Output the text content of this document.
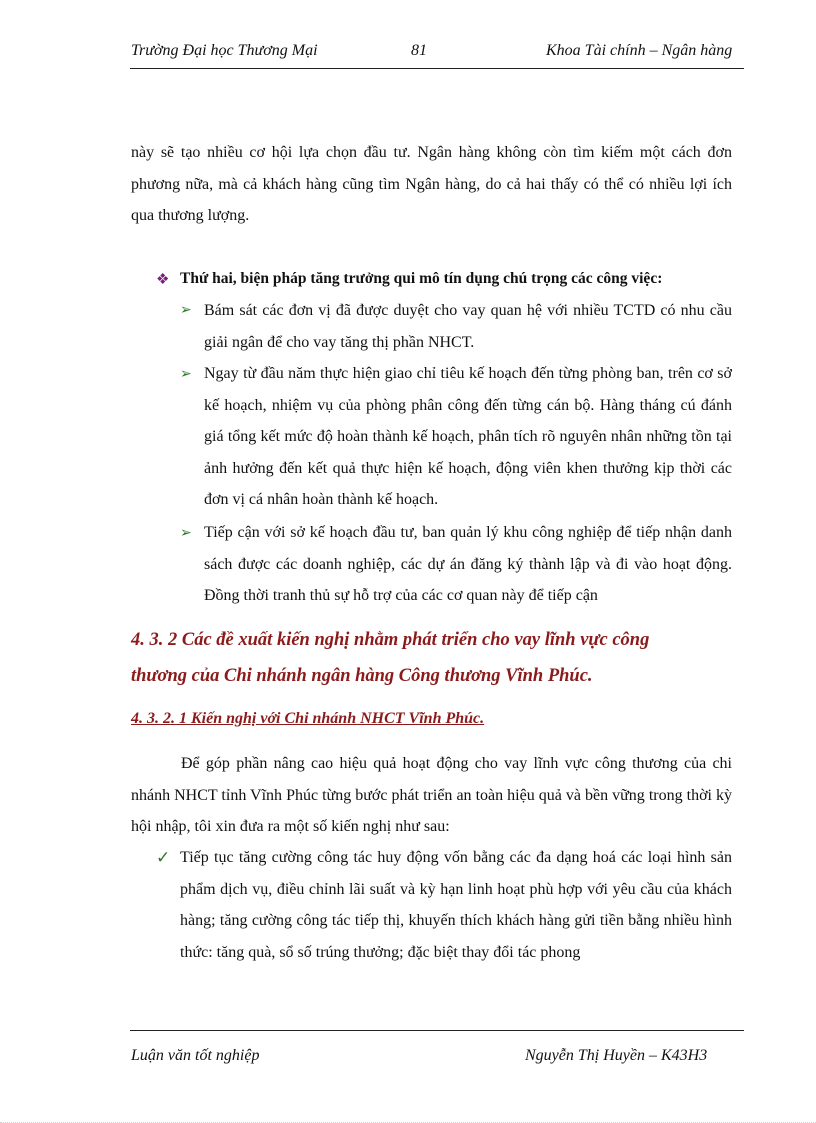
Trường Đại học Thương Mại	81	Khoa Tài chính – Ngân hàng
này sẽ tạo nhiều cơ hội lựa chọn đầu tư. Ngân hàng không còn tìm kiếm một cách đơn phương nữa, mà cả khách hàng cũng tìm Ngân hàng, do cả hai thấy có thể có nhiều lợi ích qua thương lượng.
❖ Thứ hai, biện pháp tăng trưởng qui mô tín dụng chú trọng các công việc:
➢ Bám sát các đơn vị đã được duyệt cho vay quan hệ với nhiều TCTD có nhu cầu giải ngân để cho vay tăng thị phần NHCT.
➢ Ngay từ đầu năm thực hiện giao chỉ tiêu kế hoạch đến từng phòng ban, trên cơ sở kế hoạch, nhiệm vụ của phòng phân công đến từng cán bộ. Hàng tháng cú đánh giá tổng kết mức độ hoàn thành kế hoạch, phân tích rõ nguyên nhân những tồn tại ảnh hưởng đến kết quả thực hiện kế hoạch, động viên khen thưởng kịp thời các đơn vị cá nhân hoàn thành kế hoạch.
➢ Tiếp cận với sở kế hoạch đầu tư, ban quản lý khu công nghiệp để tiếp nhận danh sách được các doanh nghiệp, các dự án đăng ký thành lập và đi vào hoạt động. Đồng thời tranh thủ sự hỗ trợ của các cơ quan này để tiếp cận
4. 3. 2 Các đề xuất kiến nghị nhằm phát triển cho vay lĩnh vực công
thương của Chi nhánh ngân hàng Công thương Vĩnh Phúc.
4. 3. 2. 1 Kiến nghị với Chi nhánh NHCT Vĩnh Phúc.
Để góp phần nâng cao hiệu quả hoạt động cho vay lĩnh vực công thương của chi nhánh NHCT tỉnh Vĩnh Phúc từng bước phát triển an toàn hiệu quả và bền vững trong thời kỳ hội nhập, tôi xin đưa ra một số kiến nghị như sau:
✓ Tiếp tục tăng cường công tác huy động vốn bằng các đa dạng hoá các loại hình sản phẩm dịch vụ, điều chỉnh lãi suất và kỳ hạn linh hoạt phù hợp với yêu cầu của khách hàng; tăng cường công tác tiếp thị, khuyến thích khách hàng gửi tiền bằng nhiều hình thức: tăng quà, sổ số trúng thưởng; đặc biệt thay đổi tác phong
Luận văn tốt nghiệp	Nguyễn Thị Huyền – K43H3
